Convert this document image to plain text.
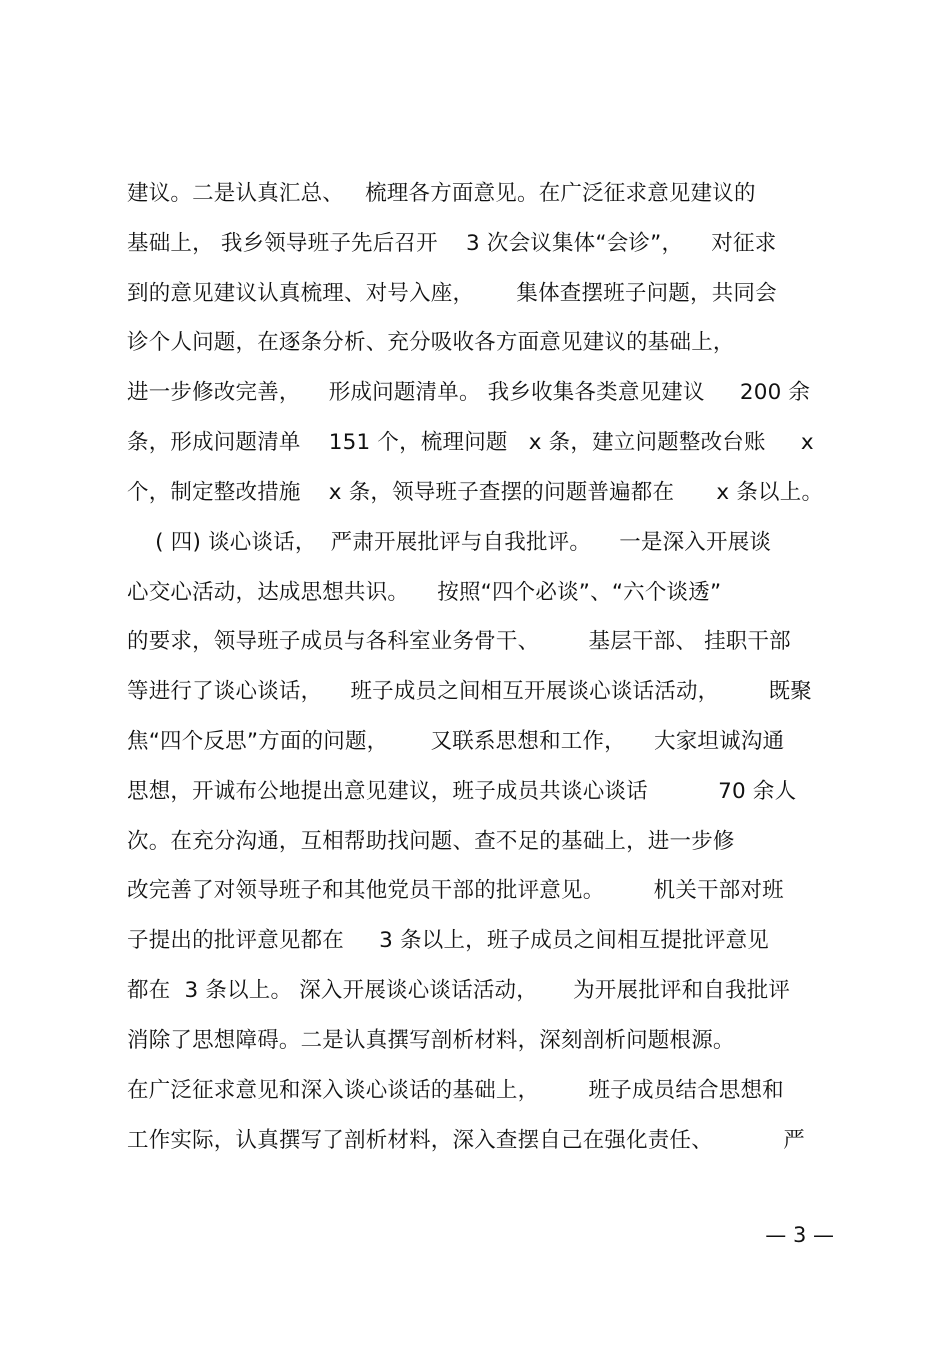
建议。二是认真汇总、   梳理各方面意见。在广泛征求意见建议的
基础上， 我乡领导班子先后召开    3 次会议集体“会诊”，    对征求
到的意见建议认真梳理、对号入座，      集体查摆班子问题，共同会
诊个人问题，在逐条分析、充分吸收各方面意见建议的基础上，
进一步修改完善，    形成问题清单。 我乡收集各类意见建议     200 余
条，形成问题清单    151 个，梳理问题   x 条，建立问题整改台账     x
个，制定整改措施    x 条，领导班子查摆的问题普遍都在      x 条以上。
( 四) 谈心谈话，  严肃开展批评与自我批评。    一是深入开展谈
心交心活动，达成思想共识。    按照“四个必谈”、“六个谈透”
的要求，领导班子成员与各科室业务骨干、       基层干部、 挂职干部
等进行了谈心谈话，    班子成员之间相互开展谈心谈话活动，       既聚
焦“四个反思”方面的问题，      又联系思想和工作，    大家坦诚沟通
思想，开诚布公地提出意见建议，班子成员共谈心谈话          70 余人
次。在充分沟通，互相帮助找问题、查不足的基础上，进一步修
改完善了对领导班子和其他党员干部的批评意见。       机关干部对班
子提出的批评意见都在     3 条以上，班子成员之间相互提批评意见
都在  3 条以上。 深入开展谈心谈话活动，     为开展批评和自我批评
消除了思想障碍。二是认真撰写剖析材料，深刻剖析问题根源。
在广泛征求意见和深入谈心谈话的基础上，       班子成员结合思想和
工作实际，认真撰写了剖析材料，深入查摆自己在强化责任、          严
— 3 —
